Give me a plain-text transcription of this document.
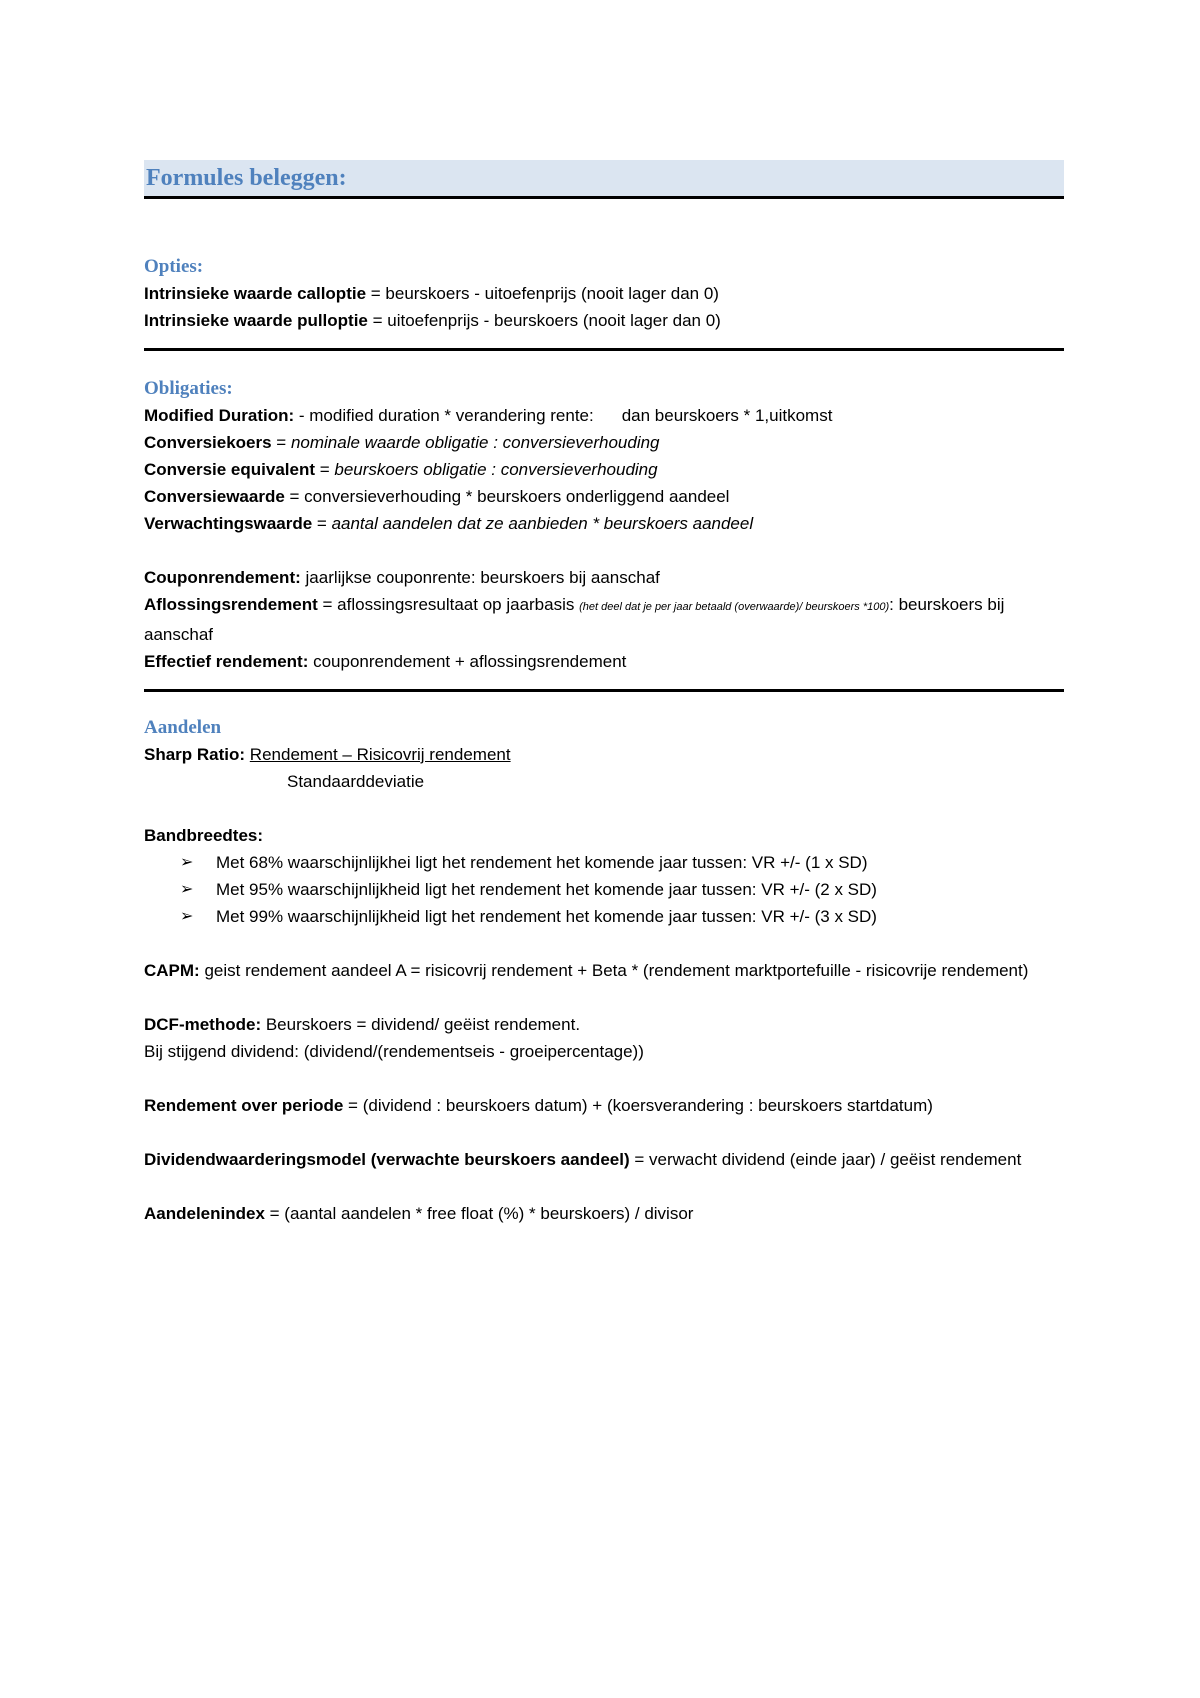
Formules beleggen:
Opties:
Intrinsieke waarde calloptie = beurskoers - uitoefenprijs (nooit lager dan 0)
Intrinsieke waarde pulloptie = uitoefenprijs - beurskoers (nooit lager dan 0)
Obligaties:
Modified Duration: - modified duration * verandering rente: dan beurskoers * 1,uitkomst
Conversiekoers = nominale waarde obligatie : conversieverhouding
Conversie equivalent = beurskoers obligatie : conversieverhouding
Conversiewaarde = conversieverhouding * beurskoers onderliggend aandeel
Verwachtingswaarde = aantal aandelen dat ze aanbieden * beurskoers aandeel
Couponrendement: jaarlijkse couponrente: beurskoers bij aanschaf
Aflossingsrendement = aflossingsresultaat op jaarbasis (het deel dat je per jaar betaald (overwaarde)/ beurskoers *100): beurskoers bij aanschaf
Effectief rendement: couponrendement + aflossingsrendement
Aandelen
Sharp Ratio: Rendement – Risicovrij rendement
Standaarddeviatie
Bandbreedtes:
➢	Met 68% waarschijnlijkhei ligt het rendement het komende jaar tussen: VR +/- (1 x SD)
➢	Met 95% waarschijnlijkheid ligt het rendement het komende jaar tussen: VR +/- (2 x SD)
➢	Met 99% waarschijnlijkheid ligt het rendement het komende jaar tussen: VR +/- (3 x SD)
CAPM: geist rendement aandeel A = risicovrij rendement + Beta * (rendement marktportefuille - risicovrije rendement)
DCF-methode: Beurskoers = dividend/ geëist rendement.
Bij stijgend dividend: (dividend/(rendementseis - groeipercentage))
Rendement over periode = (dividend : beurskoers datum) + (koersverandering : beurskoers startdatum)
Dividendwaarderingsmodel (verwachte beurskoers aandeel) = verwacht dividend (einde jaar) / geëist rendement
Aandelenindex = (aantal aandelen * free float (%) * beurskoers) / divisor
